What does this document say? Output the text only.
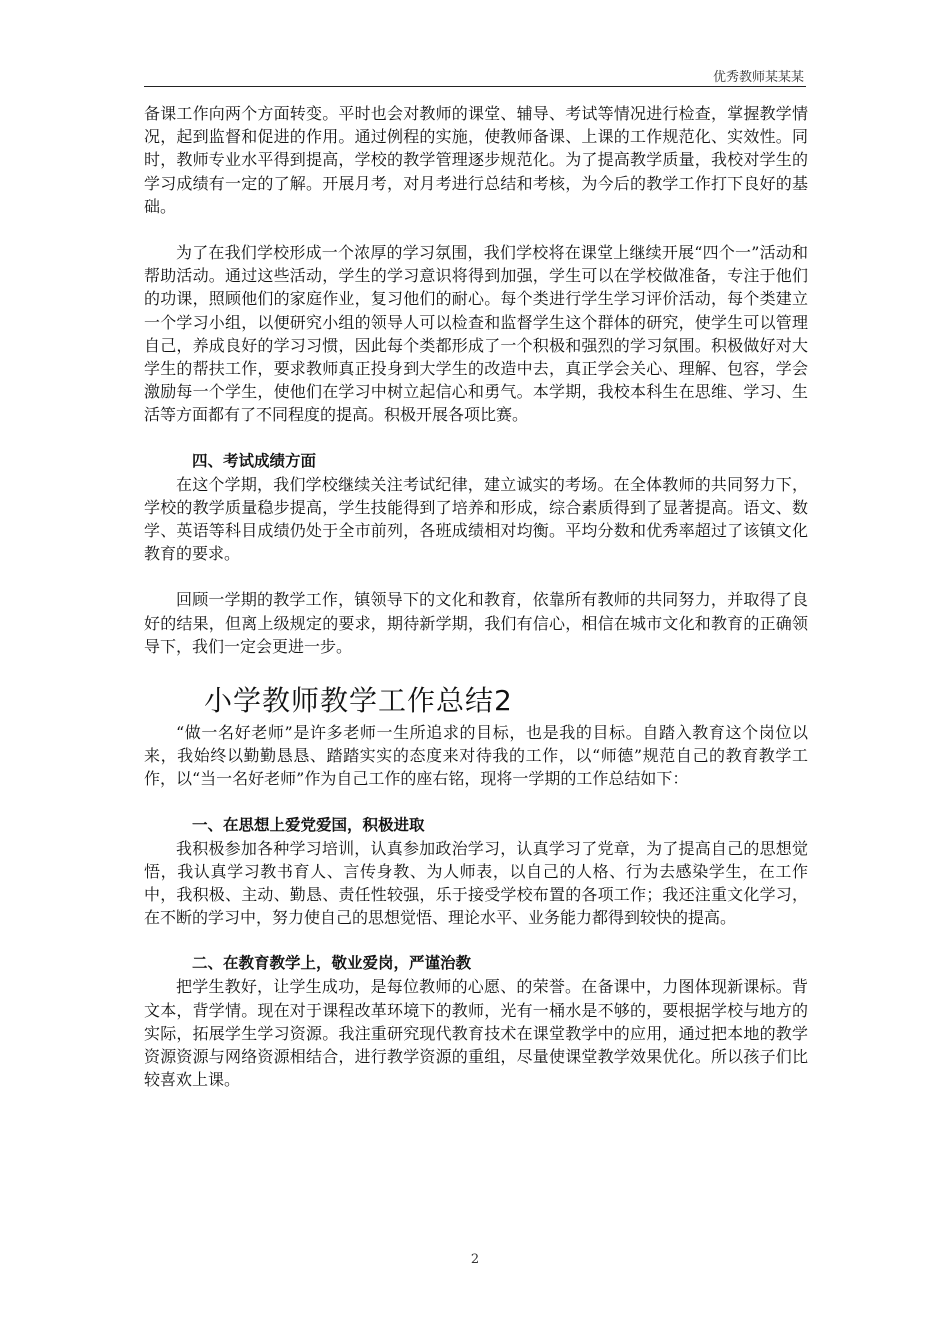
优秀教师某某某

备课工作向两个方面转变。平时也会对教师的课堂、辅导、考试等情况进行检查，掌握教学情况，起到监督和促进的作用。通过例程的实施，使教师备课、上课的工作规范化、实效性。同时，教师专业水平得到提高，学校的教学管理逐步规范化。为了提高教学质量，我校对学生的学习成绩有一定的了解。开展月考，对月考进行总结和考核，为今后的教学工作打下良好的基础。

为了在我们学校形成一个浓厚的学习氛围，我们学校将在课堂上继续开展“四个一”活动和帮助活动。通过这些活动，学生的学习意识将得到加强，学生可以在学校做准备，专注于他们的功课，照顾他们的家庭作业，复习他们的耐心。每个类进行学生学习评价活动，每个类建立一个学习小组，以便研究小组的领导人可以检查和监督学生这个群体的研究，使学生可以管理自己，养成良好的学习习惯，因此每个类都形成了一个积极和强烈的学习氛围。积极做好对大学生的帮扶工作，要求教师真正投身到大学生的改造中去，真正学会关心、理解、包容，学会激励每一个学生，使他们在学习中树立起信心和勇气。本学期，我校本科生在思维、学习、生活等方面都有了不同程度的提高。积极开展各项比赛。

四、考试成绩方面

在这个学期，我们学校继续关注考试纪律，建立诚实的考场。在全体教师的共同努力下，学校的教学质量稳步提高，学生技能得到了培养和形成，综合素质得到了显著提高。语文、数学、英语等科目成绩仍处于全市前列，各班成绩相对均衡。平均分数和优秀率超过了该镇文化教育的要求。

回顾一学期的教学工作，镇领导下的文化和教育，依靠所有教师的共同努力，并取得了良好的结果，但离上级规定的要求，期待新学期，我们有信心，相信在城市文化和教育的正确领导下，我们一定会更进一步。

小学教师教学工作总结2

“做一名好老师”是许多老师一生所追求的目标，也是我的目标。自踏入教育这个岗位以来，我始终以勤勤恳恳、踏踏实实的态度来对待我的工作，以“师德”规范自己的教育教学工作，以“当一名好老师”作为自己工作的座右铭，现将一学期的工作总结如下：

一、在思想上爱党爱国，积极进取

我积极参加各种学习培训，认真参加政治学习，认真学习了党章，为了提高自己的思想觉悟，我认真学习教书育人、言传身教、为人师表，以自己的人格、行为去感染学生，在工作中，我积极、主动、勤恳、责任性较强，乐于接受学校布置的各项工作；我还注重文化学习，在不断的学习中，努力使自己的思想觉悟、理论水平、业务能力都得到较快的提高。

二、在教育教学上，敬业爱岗，严谨治教

把学生教好，让学生成功，是每位教师的心愿、的荣誉。在备课中，力图体现新课标。背文本，背学情。现在对于课程改革环境下的教师，光有一桶水是不够的，要根据学校与地方的实际，拓展学生学习资源。我注重研究现代教育技术在课堂教学中的应用，通过把本地的教学资源资源与网络资源相结合，进行教学资源的重组，尽量使课堂教学效果优化。所以孩子们比较喜欢上课。

2
